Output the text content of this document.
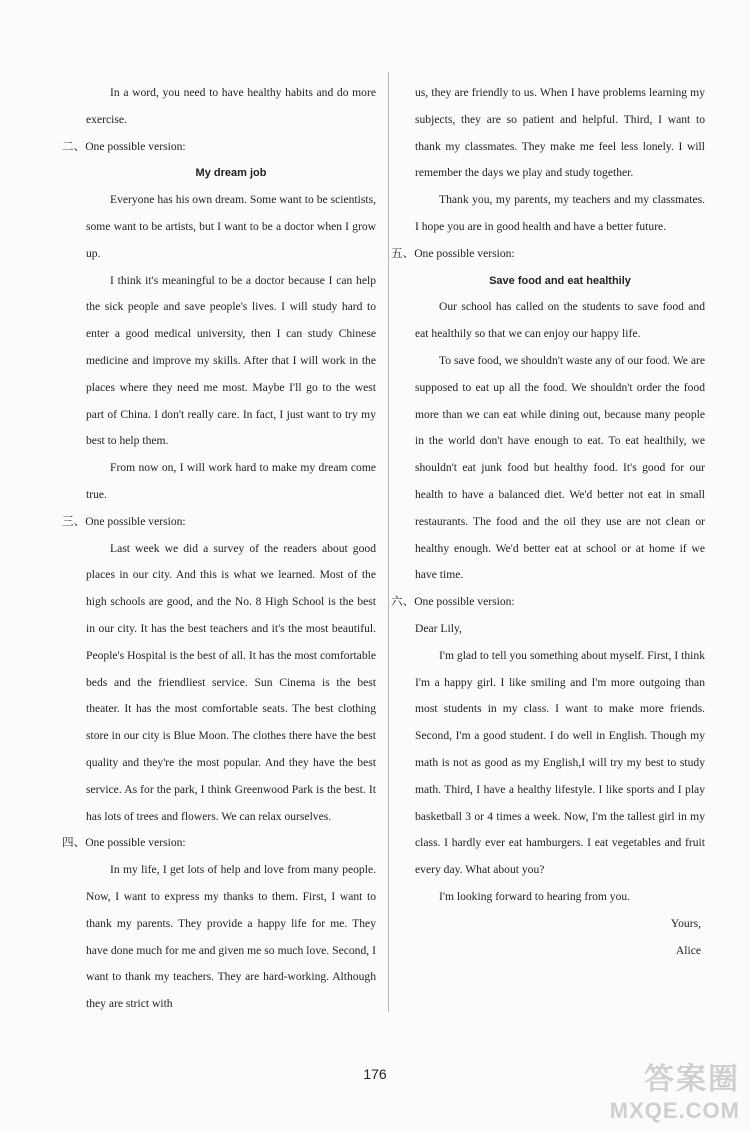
In a word, you need to have healthy habits and do more exercise.

二、One possible version:

My dream job

Everyone has his own dream. Some want to be scientists, some want to be artists, but I want to be a doctor when I grow up.

I think it's meaningful to be a doctor because I can help the sick people and save people's lives. I will study hard to enter a good medical university, then I can study Chinese medicine and improve my skills. After that I will work in the places where they need me most. Maybe I'll go to the west part of China. I don't really care. In fact, I just want to try my best to help them.

From now on, I will work hard to make my dream come true.

三、One possible version:

Last week we did a survey of the readers about good places in our city. And this is what we learned. Most of the high schools are good, and the No. 8 High School is the best in our city. It has the best teachers and it's the most beautiful. People's Hospital is the best of all. It has the most comfortable beds and the friendliest service. Sun Cinema is the best theater. It has the most comfortable seats. The best clothing store in our city is Blue Moon. The clothes there have the best quality and they're the most popular. And they have the best service. As for the park, I think Greenwood Park is the best. It has lots of trees and flowers. We can relax ourselves.

四、One possible version:

In my life, I get lots of help and love from many people. Now, I want to express my thanks to them. First, I want to thank my parents. They provide a happy life for me. They have done much for me and given me so much love. Second, I want to thank my teachers. They are hard-working. Although they are strict with

us, they are friendly to us. When I have problems learning my subjects, they are so patient and helpful. Third, I want to thank my classmates. They make me feel less lonely. I will remember the days we play and study together.

Thank you, my parents, my teachers and my classmates. I hope you are in good health and have a better future.

五、One possible version:

Save food and eat healthily

Our school has called on the students to save food and eat healthily so that we can enjoy our happy life.

To save food, we shouldn't waste any of our food. We are supposed to eat up all the food. We shouldn't order the food more than we can eat while dining out, because many people in the world don't have enough to eat. To eat healthily, we shouldn't eat junk food but healthy food. It's good for our health to have a balanced diet. We'd better not eat in small restaurants. The food and the oil they use are not clean or healthy enough. We'd better eat at school or at home if we have time.

六、One possible version:

Dear Lily,

I'm glad to tell you something about myself. First, I think I'm a happy girl. I like smiling and I'm more outgoing than most students in my class. I want to make more friends. Second, I'm a good student. I do well in English. Though my math is not as good as my English,I will try my best to study math. Third, I have a healthy lifestyle. I like sports and I play basketball 3 or 4 times a week. Now, I'm the tallest girl in my class. I hardly ever eat hamburgers. I eat vegetables and fruit every day. What about you?

I'm looking forward to hearing from you.

Yours,

Alice

176	答案圈
MXQE.COM
